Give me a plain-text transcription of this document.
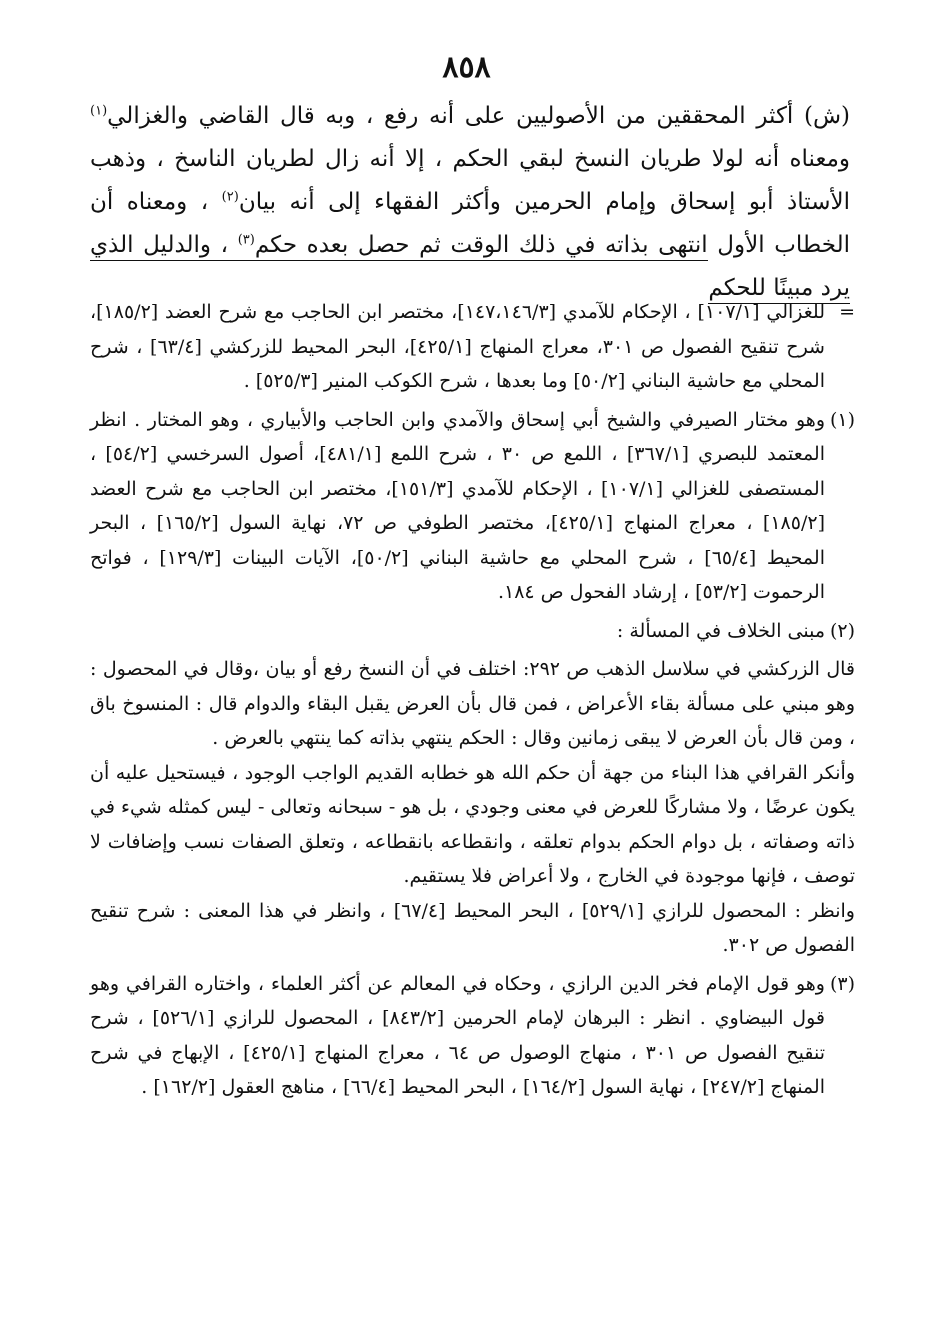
٨٥٨

(ش) أكثر المحققين من الأصوليين على أنه رفع ، وبه قال القاضي والغزالي$^{(١)}$ ومعناه أنه لولا طريان النسخ لبقي الحكم ، إلا أنه زال لطريان الناسخ ، وذهب الأستاذ أبو إسحاق وإمام الحرمين وأكثر الفقهاء إلى أنه بيان$^{(٢)}$ ، ومعناه أن الخطاب الأول انتهى بذاته في ذلك الوقت ثم حصل بعده حكم$^{(٣)}$ ، والدليل الذي يرد مبينًا للحكم

=

للغزالي [١٠٧/١] ، الإحكام للآمدي [١٤٧،١٤٦/٣]، مختصر ابن الحاجب مع شرح العضد [١٨٥/٢]، شرح تنقيح الفصول ص ٣٠١، معراج المنهاج [٤٢٥/١]، البحر المحيط للزركشي [٦٣/٤] ، شرح المحلي مع حاشية البناني [٥٠/٢] وما بعدها ، شرح الكوكب المنير [٥٢٥/٣] .

(١)

وهو مختار الصيرفي والشيخ أبي إسحاق والآمدي وابن الحاجب والأبياري ، وهو المختار . انظر المعتمد للبصري [٣٦٧/١] ، اللمع ص ٣٠ ، شرح اللمع [٤٨١/١]، أصول السرخسي [٥٤/٢] ، المستصفى للغزالي [١٠٧/١] ، الإحكام للآمدي [١٥١/٣]، مختصر ابن الحاجب مع شرح العضد [١٨٥/٢] ، معراج المنهاج [٤٢٥/١]، مختصر الطوفي ص ٧٢، نهاية السول [١٦٥/٢] ، البحر المحيط [٦٥/٤] ، شرح المحلي مع حاشية البناني [٥٠/٢]، الآيات البينات [١٢٩/٣] ، فواتح الرحموت [٥٣/٢] ، إرشاد الفحول ص ١٨٤.

(٢)

مبنى الخلاف في المسألة :

قال الزركشي في سلاسل الذهب ص ٢٩٢: اختلف في أن النسخ رفع أو بيان ،وقال في المحصول : وهو مبني على مسألة بقاء الأعراض ، فمن قال بأن العرض يقبل البقاء والدوام قال : المنسوخ باق ، ومن قال بأن العرض لا يبقى زمانين وقال : الحكم ينتهي بذاته كما ينتهي بالعرض .

وأنكر القرافي هذا البناء من جهة أن حكم الله هو خطابه القديم الواجب الوجود ، فيستحيل عليه أن يكون عرضًا ، ولا مشاركًا للعرض في معنى وجودي ، بل هو - سبحانه وتعالى - ليس كمثله شيء في ذاته وصفاته ، بل دوام الحكم بدوام تعلقه ، وانقطاعه بانقطاعه ، وتعلق الصفات نسب وإضافات لا توصف ، فإنها موجودة في الخارج ، ولا أعراض فلا يستقيم.

وانظر : المحصول للرازي [٥٢٩/١] ، البحر المحيط [٦٧/٤] ، وانظر في هذا المعنى : شرح تنقيح الفصول ص ٣٠٢.

(٣)

وهو قول الإمام فخر الدين الرازي ، وحكاه في المعالم عن أكثر العلماء ، واختاره القرافي وهو قول البيضاوي . انظر : البرهان لإمام الحرمين [٨٤٣/٢] ، المحصول للرازي [٥٢٦/١] ، شرح تنقيح الفصول ص ٣٠١ ، منهاج الوصول ص ٦٤ ، معراج المنهاج [٤٢٥/١] ، الإبهاج في شرح المنهاج [٢٤٧/٢] ، نهاية السول [١٦٤/٢] ، البحر المحيط [٦٦/٤] ، مناهج العقول [١٦٢/٢] .
